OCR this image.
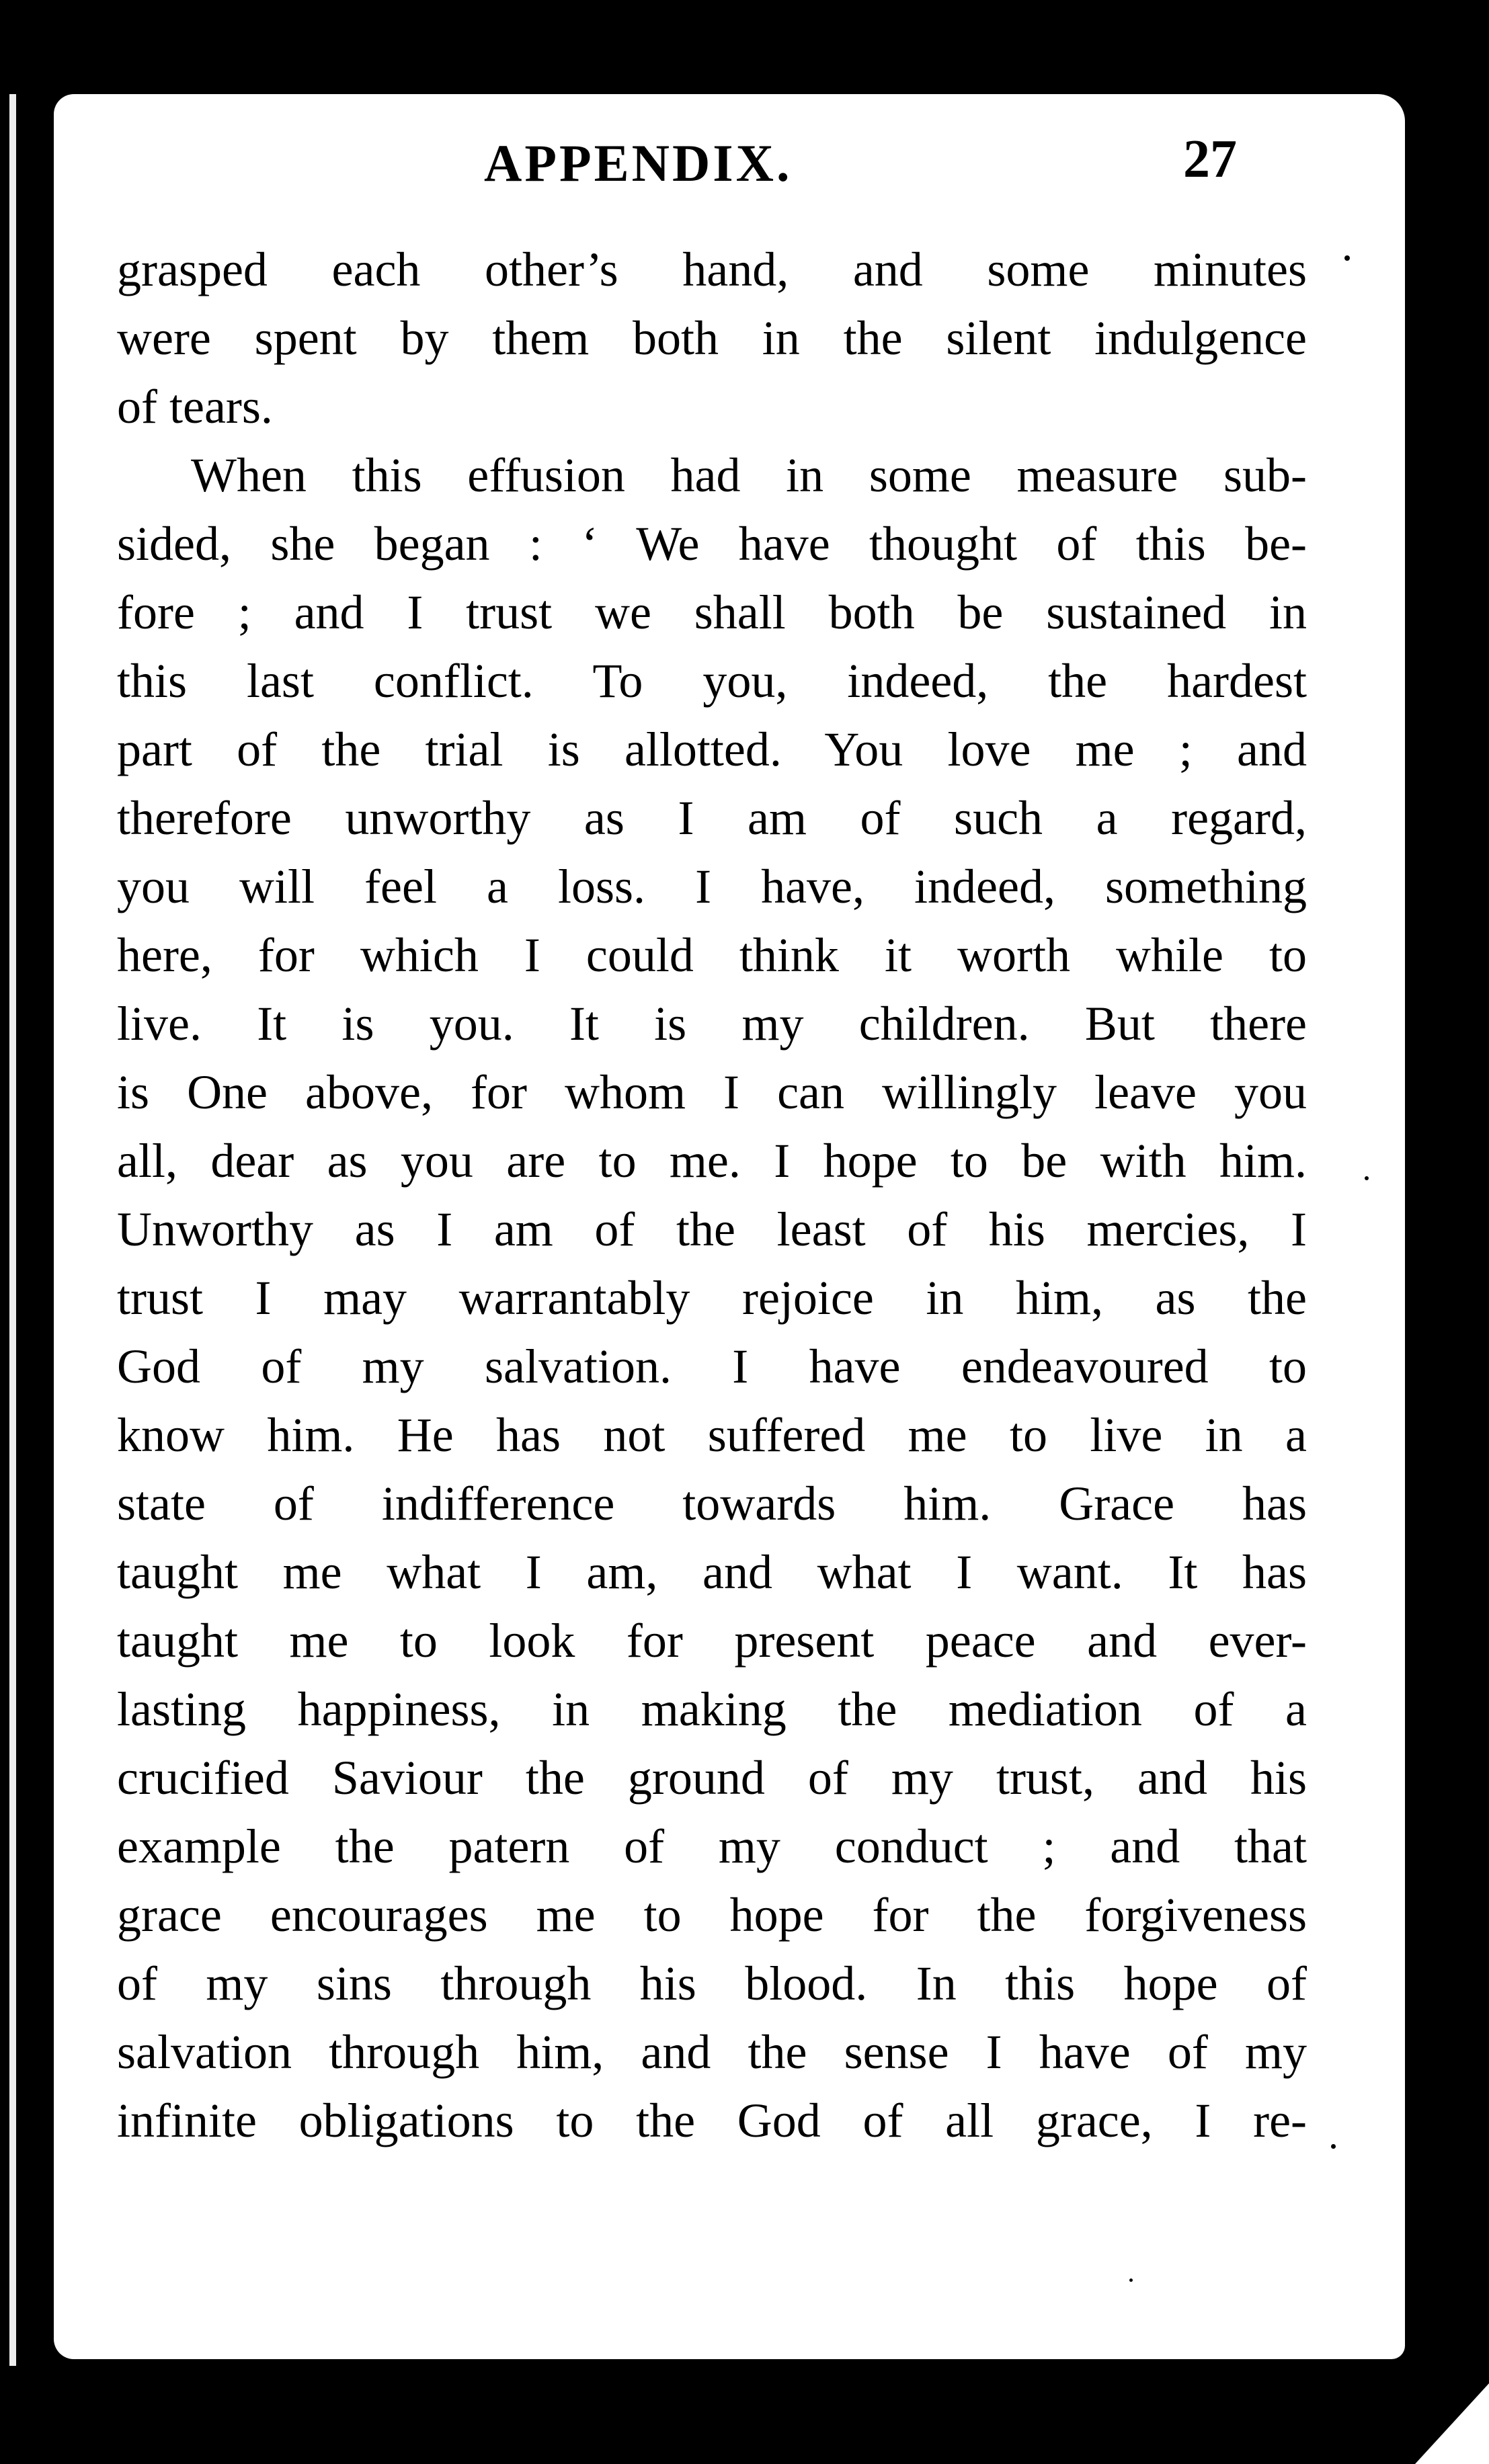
APPENDIX.	27
grasped each other’s hand, and some minutes
were spent by them both in the silent indulgence
of tears.
When this effusion had in some measure sub-
sided, she began : ‘ We have thought of this be-
fore ; and I trust we shall both be sustained in
this last conflict. To you, indeed, the hardest
part of the trial is allotted. You love me ; and
therefore unworthy as I am of such a regard,
you will feel a loss. I have, indeed, something
here, for which I could think it worth while to
live. It is you. It is my children. But there
is One above, for whom I can willingly leave you
all, dear as you are to me. I hope to be with him.
Unworthy as I am of the least of his mercies, I
trust I may warrantably rejoice in him, as the
God of my salvation. I have endeavoured to
know him. He has not suffered me to live in a
state of indifference towards him. Grace has
taught me what I am, and what I want. It has
taught me to look for present peace and ever-
lasting happiness, in making the mediation of a
crucified Saviour the ground of my trust, and his
example the patern of my conduct ; and that
grace encourages me to hope for the forgiveness
of my sins through his blood. In this hope of
salvation through him, and the sense I have of my
infinite obligations to the God of all grace, I re-
